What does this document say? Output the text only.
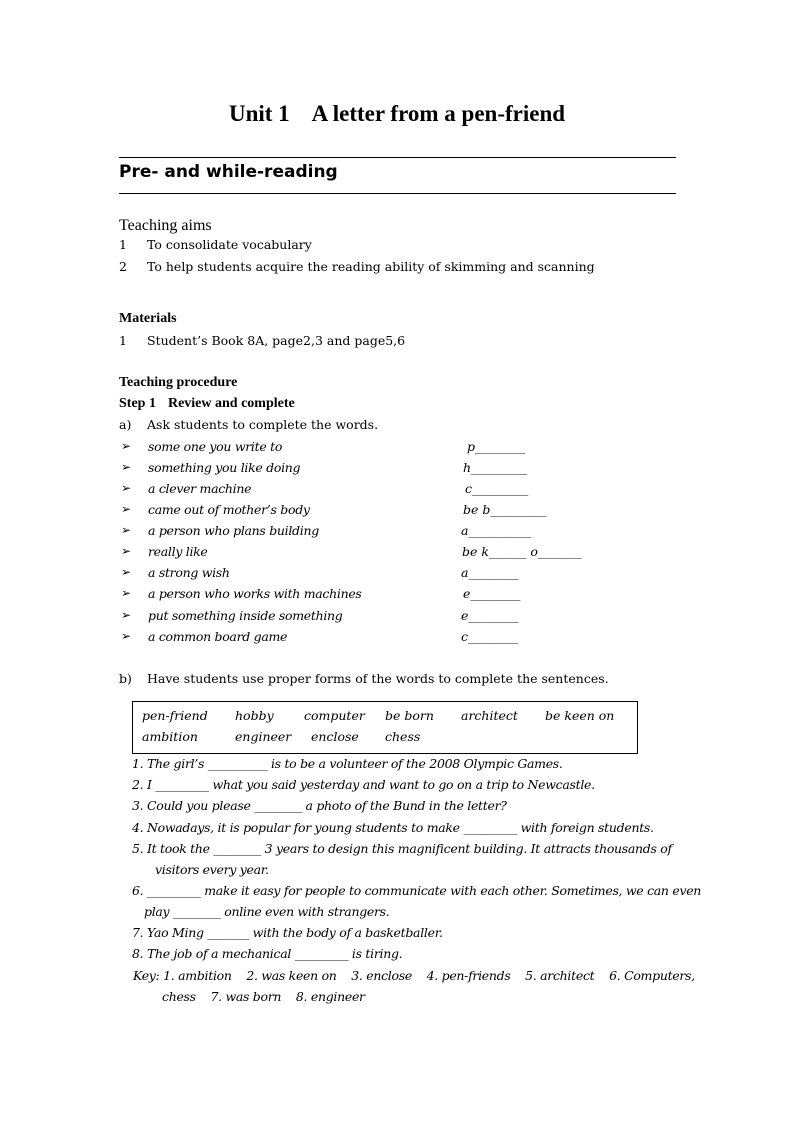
Unit 1 A letter from a pen-friend
Pre- and while-reading
Teaching aims
1 To consolidate vocabulary
2 To help students acquire the reading ability of skimming and scanning
Materials
1 Student’s Book 8A, page2,3 and page5,6
Teaching procedure
Step 1 Review and complete
a) Ask students to complete the words.
➢ some one you write to	p________
➢ something you like doing	h_________
➢ a clever machine	c_________
➢ came out of mother’s body	be b_________
➢ a person who plans building	a__________
➢ really like	be k______ o_______
➢ a strong wish	a________
➢ a person who works with machines	e________
➢ put something inside something	e________
➢ a common board game	c________
b) Have students use proper forms of the words to complete the sentences.
pen-friend hobby computer be born architect be keen on
ambition	engineer enclose chess
1. The girl’s __________ is to be a volunteer of the 2008 Olympic Games.
2. I _________ what you said yesterday and want to go on a trip to Newcastle.
3. Could you please ________ a photo of the Bund in the letter?
4. Nowadays, it is popular for young students to make _________ with foreign students.
5. It took the ________ 3 years to design this magnificent building. It attracts thousands of
visitors every year.
6. _________ make it easy for people to communicate with each other. Sometimes, we can even
play ________ online even with strangers.
7. Yao Ming _______ with the body of a basketballer.
8. The job of a mechanical _________ is tiring.
Key: 1. ambition    2. was keen on    3. enclose    4. pen-friends    5. architect    6. Computers,
chess    7. was born    8. engineer
